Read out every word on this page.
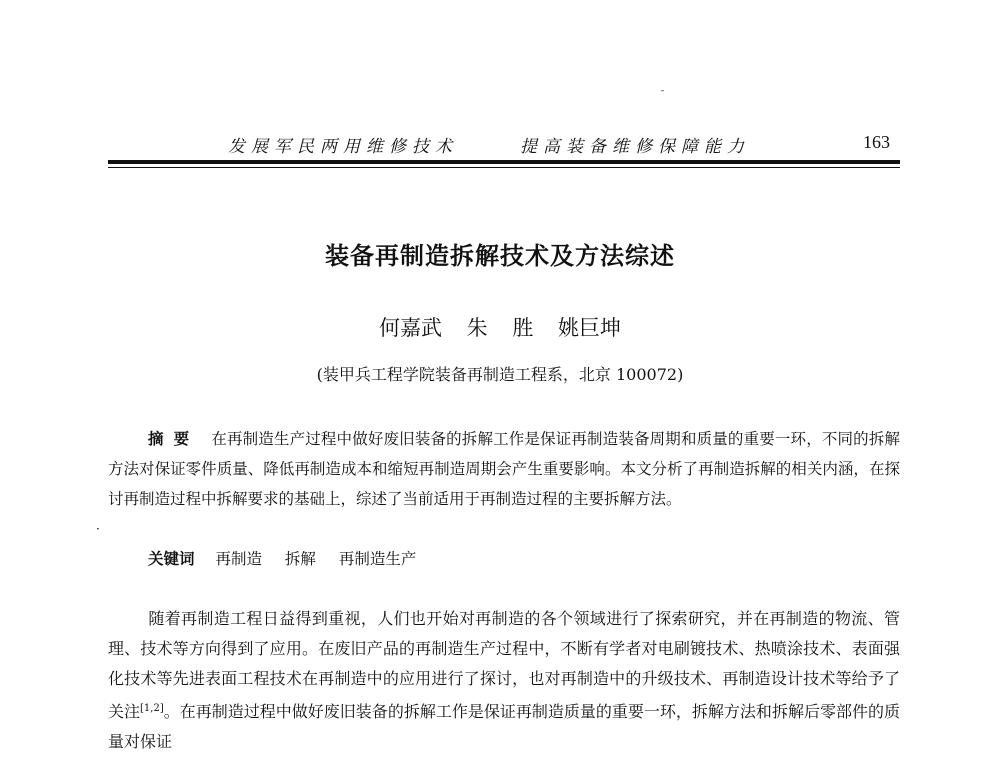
ˉ
发展军民两用维修技术	提高装备维修保障能力	163
装备再制造拆解技术及方法综述
何嘉武 朱 胜 姚巨坤
(装甲兵工程学院装备再制造工程系，北京 100072)
摘要 在再制造生产过程中做好废旧装备的拆解工作是保证再制造装备周期和质量的重要一环，不同的拆解方法对保证零件质量、降低再制造成本和缩短再制造周期会产生重要影响。本文分析了再制造拆解的相关内涵，在探讨再制造过程中拆解要求的基础上，综述了当前适用于再制造过程的主要拆解方法。
·
关键词 再制造 拆解 再制造生产
随着再制造工程日益得到重视，人们也开始对再制造的各个领域进行了探索研究，并在再制造的物流、管理、技术等方向得到了应用。在废旧产品的再制造生产过程中，不断有学者对电刷镀技术、热喷涂技术、表面强化技术等先进表面工程技术在再制造中的应用进行了探讨，也对再制造中的升级技术、再制造设计技术等给予了关注[1,2]。在再制造过程中做好废旧装备的拆解工作是保证再制造质量的重要一环，拆解方法和拆解后零部件的质量对保证
